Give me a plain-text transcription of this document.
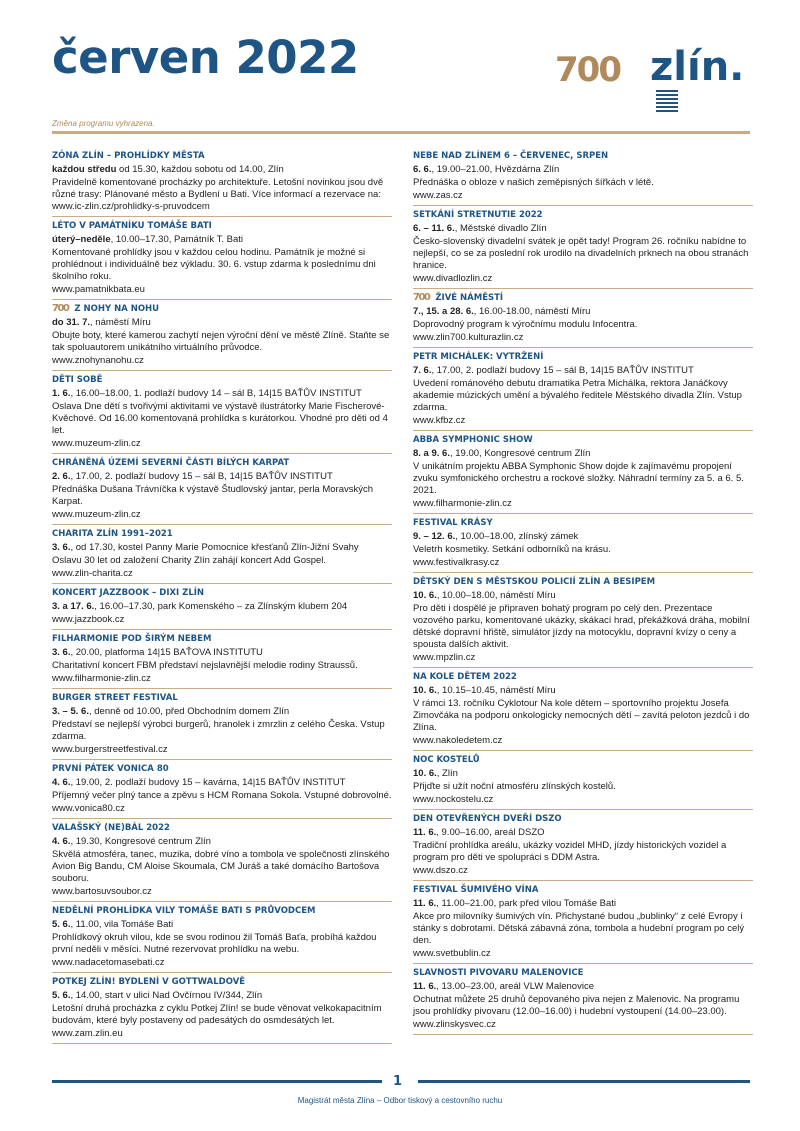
červen 2022	700 zlín.
Změna programu vyhrazena.
ZÓNA ZLÍN – PROHLÍDKY MĚSTA
každou středu od 15.30, každou sobotu od 14.00, Zlín
Pravidelně komentované procházky po architektuře. Letošní novinkou jsou dvě různé trasy: Plánované město a Bydlení u Bati. Více informací a rezervace na: www.ic-zlin.cz/prohlidky-s-pruvodcem
LÉTO V PAMÁTNÍKU TOMÁŠE BATI
úterý–neděle, 10.00–17.30, Památník T. Bati
Komentované prohlídky jsou v každou celou hodinu. Památník je možné si prohlédnout i individuálně bez výkladu. 30. 6. vstup zdarma k poslednímu dni školního roku.
www.pamatnikbata.eu
700 Z NOHY NA NOHU
do 31. 7., náměstí Míru
Obujte boty, které kamerou zachytí nejen výroční dění ve městě Zlíně. Staňte se tak spoluautorem unikátního virtuálního průvodce.
www.znohynanohu.cz
DĚTI SOBĚ
1. 6., 16.00–18.00, 1. podlaží budovy 14 – sál B, 14|15 BAŤŮV INSTITUT
Oslava Dne dětí s tvořivými aktivitami ve výstavě ilustrátorky Marie Fischerové-Kvěchové. Od 16.00 komentovaná prohlídka s kurátorkou. Vhodné pro děti od 4 let.
www.muzeum-zlin.cz
CHRÁNĚNÁ ÚZEMÍ SEVERNÍ ČÁSTI BÍLÝCH KARPAT
2. 6., 17.00, 2. podlaží budovy 15 – sál B, 14|15 BAŤŮV INSTITUT
Přednáška Dušana Trávníčka k výstavě Študlovský jantar, perla Moravských Karpat.
www.muzeum-zlin.cz
CHARITA ZLÍN 1991–2021
3. 6., od 17.30, kostel Panny Marie Pomocnice křesťanů Zlín-Jižní Svahy
Oslavu 30 let od založení Charity Zlín zahájí koncert Add Gospel.
www.zlin-charita.cz
KONCERT JAZZBOOK – DIXI ZLÍN
3. a 17. 6., 16.00–17.30, park Komenského – za Zlínským klubem 204
www.jazzbook.cz
FILHARMONIE POD ŠIRÝM NEBEM
3. 6., 20.00, platforma 14|15 BAŤOVA INSTITUTU
Charitativní koncert FBM představí nejslavnější melodie rodiny Straussů.
www.filharmonie-zlin.cz
BURGER STREET FESTIVAL
3. – 5. 6., denně od 10.00, před Obchodním domem Zlín
Představí se nejlepší výrobci burgerů, hranolek i zmrzlin z celého Česka. Vstup zdarma.
www.burgerstreetfestival.cz
PRVNÍ PÁTEK VONICA 80
4. 6., 19.00, 2. podlaží budovy 15 – kavárna, 14|15 BAŤŮV INSTITUT
Příjemný večer plný tance a zpěvu s HCM Romana Sokola. Vstupné dobrovolné.
www.vonica80.cz
VALAŠSKÝ (NE)BÁL 2022
4. 6., 19.30, Kongresové centrum Zlín
Skvělá atmosféra, tanec, muzika, dobré víno a tombola ve společnosti zlínského Avion Big Bandu, CM Aloise Skoumala, CM Juráš a také domácího Bartošova souboru.
www.bartosuvsoubor.cz
NEDĚLNÍ PROHLÍDKA VILY TOMÁŠE BATI S PRŮVODCEM
5. 6., 11.00, vila Tomáše Bati
Prohlídkový okruh vilou, kde se svou rodinou žil Tomáš Baťa, probíhá každou první neděli v měsíci. Nutné rezervovat prohlídku na webu.
www.nadacetomasebati.cz
POTKEJ ZLÍN! BYDLENÍ V GOTTWALDOVĚ
5. 6., 14.00, start v ulici Nad Ovčírnou IV/344, Zlín
Letošní druhá procházka z cyklu Potkej Zlín! se bude věnovat velkokapacitním budovám, které byly postaveny od padesátých do osmdesátých let.
www.zam.zlin.eu
NEBE NAD ZLÍNEM 6 – ČERVENEC, SRPEN
6. 6., 19.00–21.00, Hvězdárna Zlín
Přednáška o obloze v našich zeměpisných šířkách v létě.
www.zas.cz
SETKÁNÍ STRETNUTIE 2022
6. – 11. 6., Městské divadlo Zlín
Česko-slovenský divadelní svátek je opět tady! Program 26. ročníku nabídne to nejlepší, co se za poslední rok urodilo na divadelních prknech na obou stranách hranice.
www.divadlozlin.cz
700 ŽIVÉ NÁMĚSTÍ
7., 15. a 28. 6., 16.00-18.00, náměstí Míru
Doprovodný program k výročnímu modulu Infocentra.
www.zlin700.kulturazlin.cz
PETR MICHÁLEK: VYTRŽENÍ
7. 6., 17.00, 2. podlaží budovy 15 – sál B, 14|15 BAŤŮV INSTITUT
Uvedení románového debutu dramatika Petra Michálka, rektora Janáčkovy akademie múzických umění a bývalého ředitele Městského divadla Zlín. Vstup zdarma.
www.kfbz.cz
ABBA SYMPHONIC SHOW
8. a 9. 6., 19.00, Kongresové centrum Zlín
V unikátním projektu ABBA Symphonic Show dojde k zajímavému propojení zvuku symfonického orchestru a rockové složky. Náhradní termíny za 5. a 6. 5. 2021.
www.filharmonie-zlin.cz
FESTIVAL KRÁSY
9. – 12. 6., 10.00–18.00, zlínský zámek
Veletrh kosmetiky. Setkání odborníků na krásu.
www.festivalkrasy.cz
DĚTSKÝ DEN S MĚSTSKOU POLICIÍ ZLÍN A BESIPEM
10. 6., 10.00–18.00, náměstí Míru
Pro děti i dospělé je připraven bohatý program po celý den. Prezentace vozového parku, komentované ukázky, skákací hrad, překážková dráha, mobilní dětské dopravní hřiště, simulátor jízdy na motocyklu, dopravní kvízy o ceny a spousta dalších aktivit.
www.mpzlin.cz
NA KOLE DĚTEM 2022
10. 6., 10.15–10.45, náměstí Míru
V rámci 13. ročníku Cyklotour Na kole dětem – sportovního projektu Josefa Zimovčáka na podporu onkologicky nemocných dětí – zavítá peloton jezdců i do Zlína.
www.nakoledetem.cz
NOC KOSTELŮ
10. 6., Zlín
Přijďte si užít noční atmosféru zlínských kostelů.
www.nockostelu.cz
DEN OTEVŘENÝCH DVEŘÍ DSZO
11. 6., 9.00–16.00, areál DSZO
Tradiční prohlídka areálu, ukázky vozidel MHD, jízdy historických vozidel a program pro děti ve spolupráci s DDM Astra.
www.dszo.cz
FESTIVAL ŠUMIVÉHO VÍNA
11. 6., 11.00–21.00, park před vilou Tomáše Bati
Akce pro milovníky šumivých vín. Přichystané budou „bublinky“ z celé Evropy i stánky s dobrotami. Dětská zábavná zóna, tombola a hudební program po celý den.
www.svetbublin.cz
SLAVNOSTI PIVOVARU MALENOVICE
11. 6., 13.00–23.00, areál VLW Malenovice
Ochutnat můžete 25 druhů čepovaného piva nejen z Malenovic. Na programu jsou prohlídky pivovaru (12.00–16.00) i hudební vystoupení (14.00–23.00).
www.zlinskysvec.cz
1
Magistrát města Zlína – Odbor tiskový a cestovního ruchu
